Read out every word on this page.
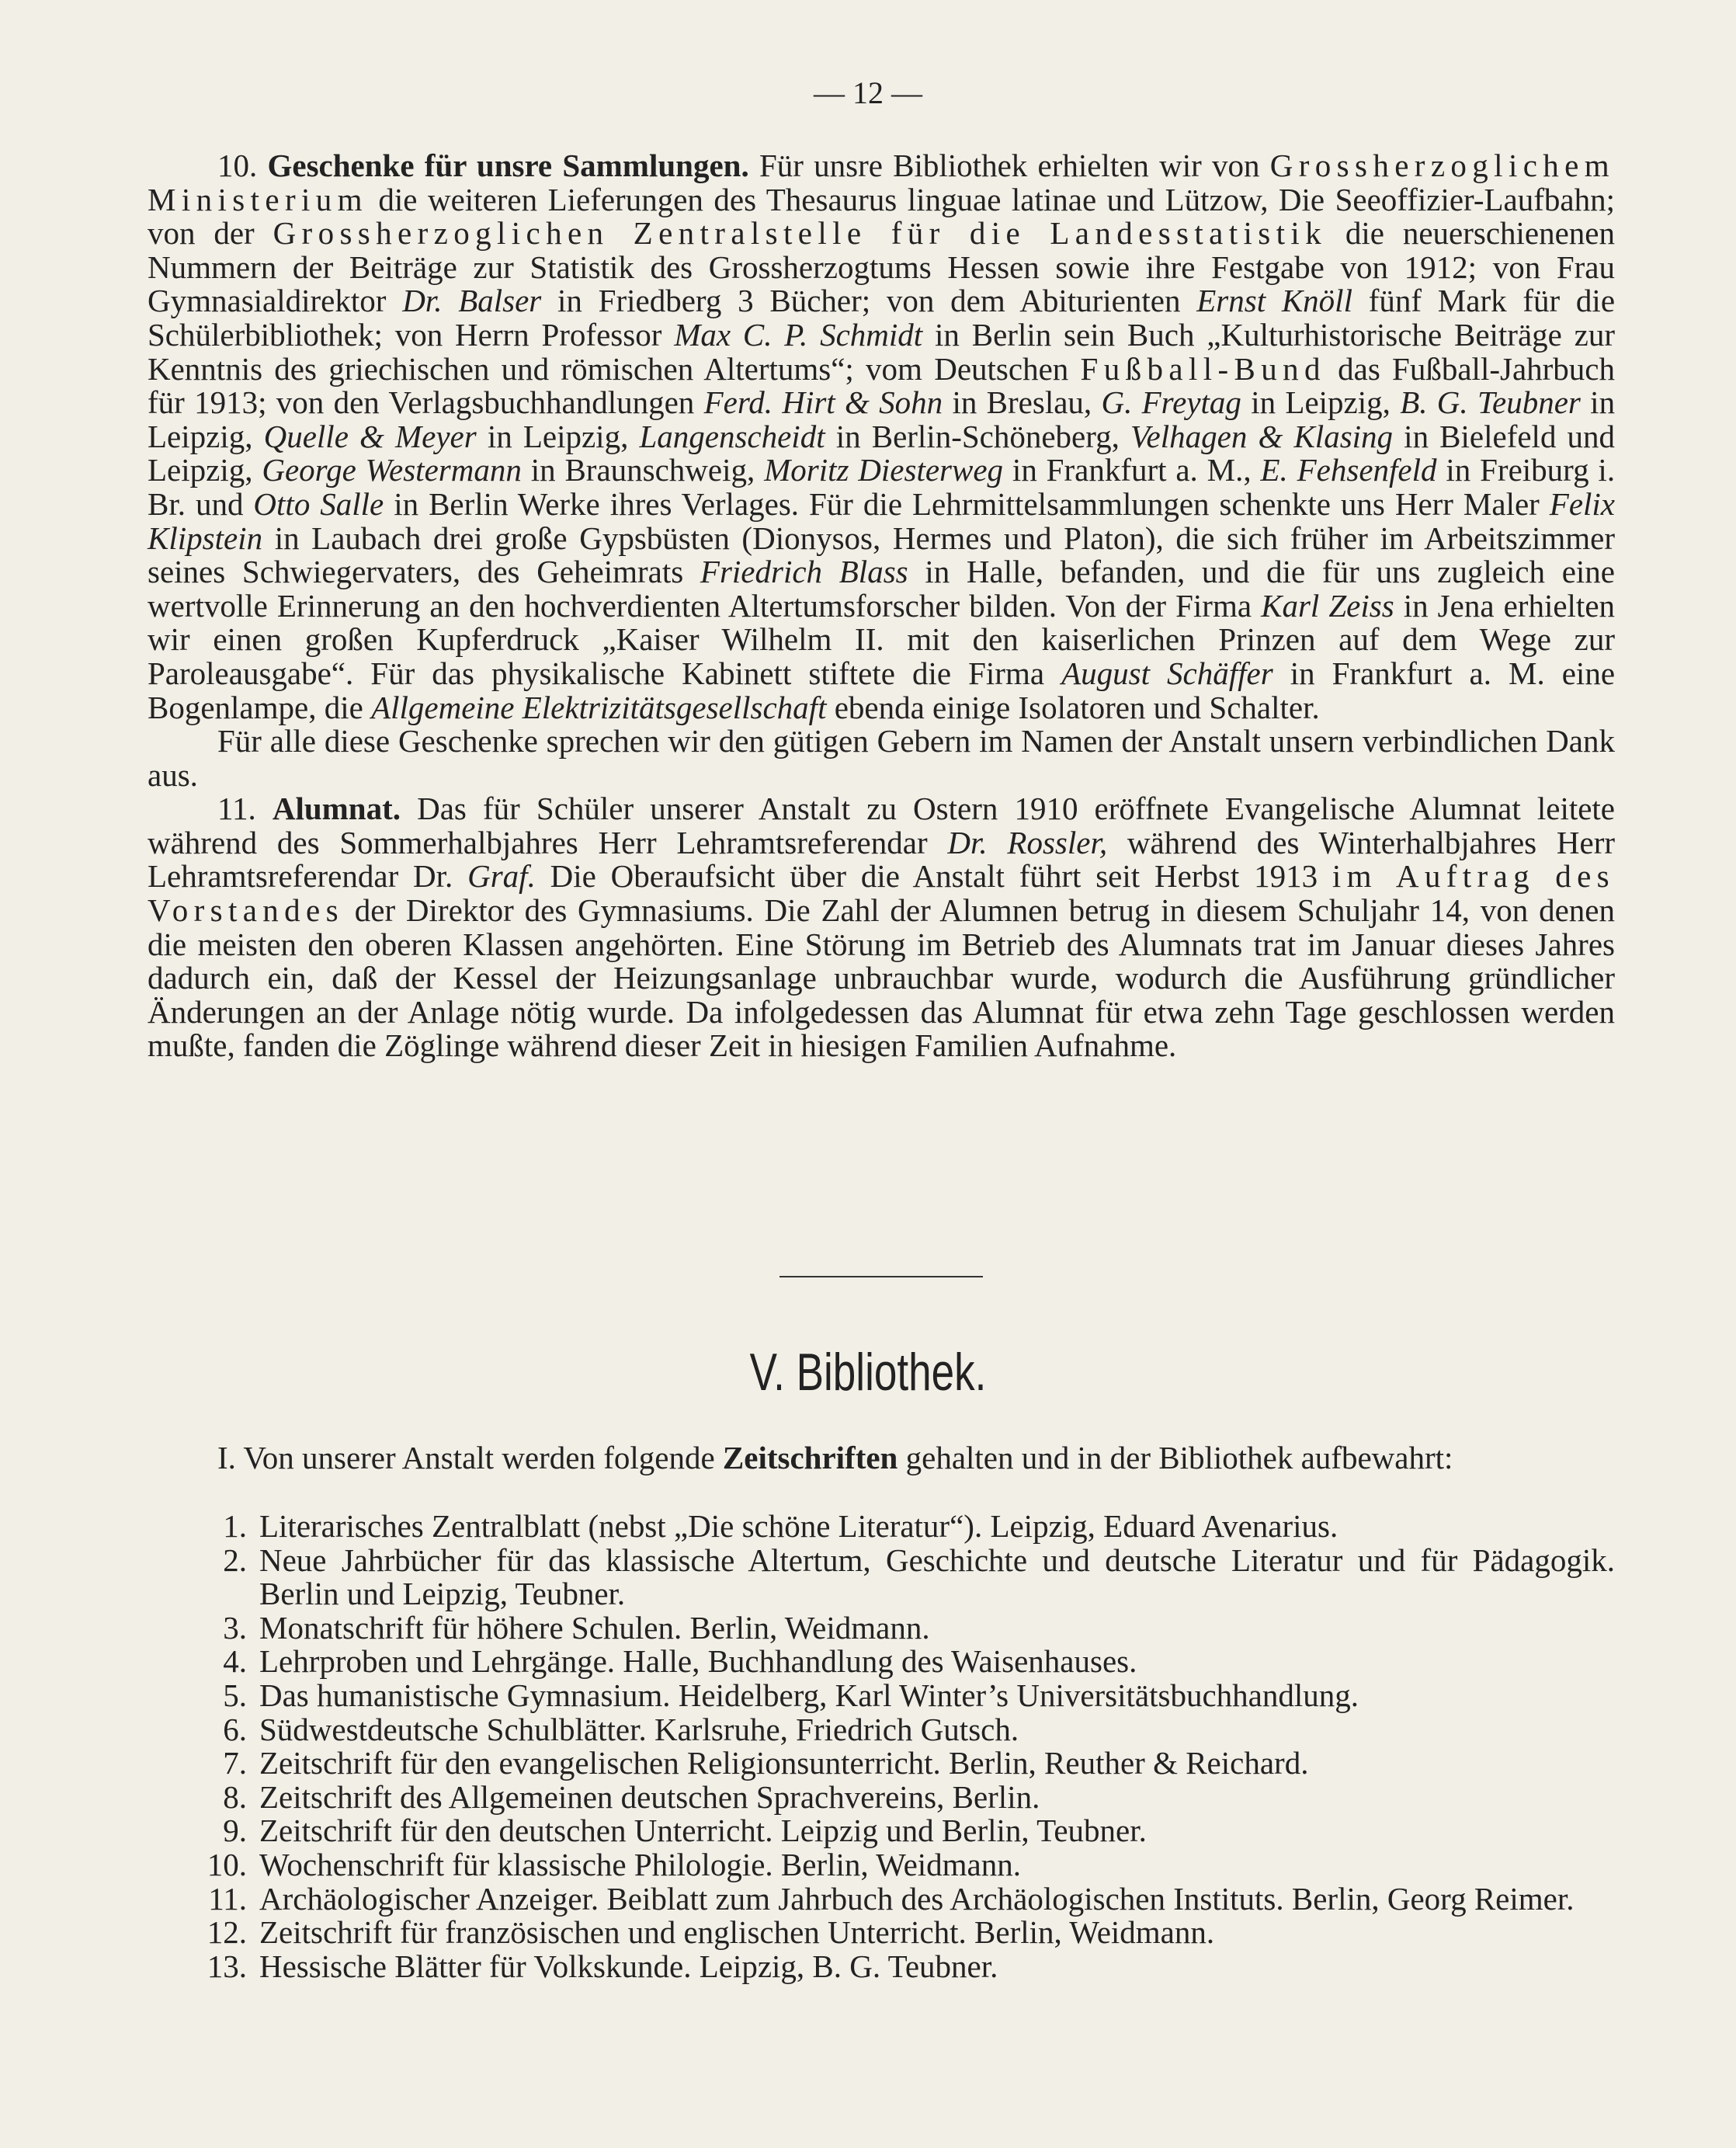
— 12 —

10. Geschenke für unsre Sammlungen. Für unsre Bibliothek erhielten wir von Grossherzoglichem Ministerium die weiteren Lieferungen des Thesaurus linguae latinae und Lützow, Die Seeoffizier-Laufbahn; von der Grossherzoglichen Zentralstelle für die Landesstatistik die neuerschienenen Nummern der Beiträge zur Statistik des Grossherzogtums Hessen sowie ihre Festgabe von 1912; von Frau Gymnasialdirektor Dr. Balser in Friedberg 3 Bücher; von dem Abiturienten Ernst Knöll fünf Mark für die Schülerbibliothek; von Herrn Professor Max C. P. Schmidt in Berlin sein Buch „Kulturhistorische Beiträge zur Kenntnis des griechischen und römischen Altertums“; vom Deutschen Fußball-Bund das Fußball-Jahrbuch für 1913; von den Verlagsbuchhandlungen Ferd. Hirt & Sohn in Breslau, G. Freytag in Leipzig, B. G. Teubner in Leipzig, Quelle & Meyer in Leipzig, Langenscheidt in Berlin-Schöneberg, Velhagen & Klasing in Bielefeld und Leipzig, George Westermann in Braunschweig, Moritz Diesterweg in Frankfurt a. M., E. Fehsenfeld in Freiburg i. Br. und Otto Salle in Berlin Werke ihres Verlages. Für die Lehrmittelsammlungen schenkte uns Herr Maler Felix Klipstein in Laubach drei große Gypsbüsten (Dionysos, Hermes und Platon), die sich früher im Arbeitszimmer seines Schwiegervaters, des Geheimrats Friedrich Blass in Halle, befanden, und die für uns zugleich eine wertvolle Erinnerung an den hochverdienten Altertumsforscher bilden. Von der Firma Karl Zeiss in Jena erhielten wir einen großen Kupferdruck „Kaiser Wilhelm II. mit den kaiserlichen Prinzen auf dem Wege zur Paroleausgabe“. Für das physikalische Kabinett stiftete die Firma August Schäffer in Frankfurt a. M. eine Bogenlampe, die Allgemeine Elektrizitätsgesellschaft ebenda einige Isolatoren und Schalter.

Für alle diese Geschenke sprechen wir den gütigen Gebern im Namen der Anstalt unsern verbindlichen Dank aus.

11. Alumnat. Das für Schüler unserer Anstalt zu Ostern 1910 eröffnete Evangelische Alumnat leitete während des Sommerhalbjahres Herr Lehramtsreferendar Dr. Rossler, während des Winterhalbjahres Herr Lehramtsreferendar Dr. Graf. Die Oberaufsicht über die Anstalt führt seit Herbst 1913 im Auftrag des Vorstandes der Direktor des Gymnasiums. Die Zahl der Alumnen betrug in diesem Schuljahr 14, von denen die meisten den oberen Klassen angehörten. Eine Störung im Betrieb des Alumnats trat im Januar dieses Jahres dadurch ein, daß der Kessel der Heizungsanlage unbrauchbar wurde, wodurch die Ausführung gründlicher Änderungen an der Anlage nötig wurde. Da infolgedessen das Alumnat für etwa zehn Tage geschlossen werden mußte, fanden die Zöglinge während dieser Zeit in hiesigen Familien Aufnahme.

V. Bibliothek.

I. Von unserer Anstalt werden folgende Zeitschriften gehalten und in der Bibliothek aufbewahrt:

1. Literarisches Zentralblatt (nebst „Die schöne Literatur“). Leipzig, Eduard Avenarius.
2. Neue Jahrbücher für das klassische Altertum, Geschichte und deutsche Literatur und für Pädagogik. Berlin und Leipzig, Teubner.
3. Monatschrift für höhere Schulen. Berlin, Weidmann.
4. Lehrproben und Lehrgänge. Halle, Buchhandlung des Waisenhauses.
5. Das humanistische Gymnasium. Heidelberg, Karl Winter’s Universitätsbuchhandlung.
6. Südwestdeutsche Schulblätter. Karlsruhe, Friedrich Gutsch.
7. Zeitschrift für den evangelischen Religionsunterricht. Berlin, Reuther & Reichard.
8. Zeitschrift des Allgemeinen deutschen Sprachvereins, Berlin.
9. Zeitschrift für den deutschen Unterricht. Leipzig und Berlin, Teubner.
10. Wochenschrift für klassische Philologie. Berlin, Weidmann.
11. Archäologischer Anzeiger. Beiblatt zum Jahrbuch des Archäologischen Instituts. Berlin, Georg Reimer.
12. Zeitschrift für französischen und englischen Unterricht. Berlin, Weidmann.
13. Hessische Blätter für Volkskunde. Leipzig, B. G. Teubner.
